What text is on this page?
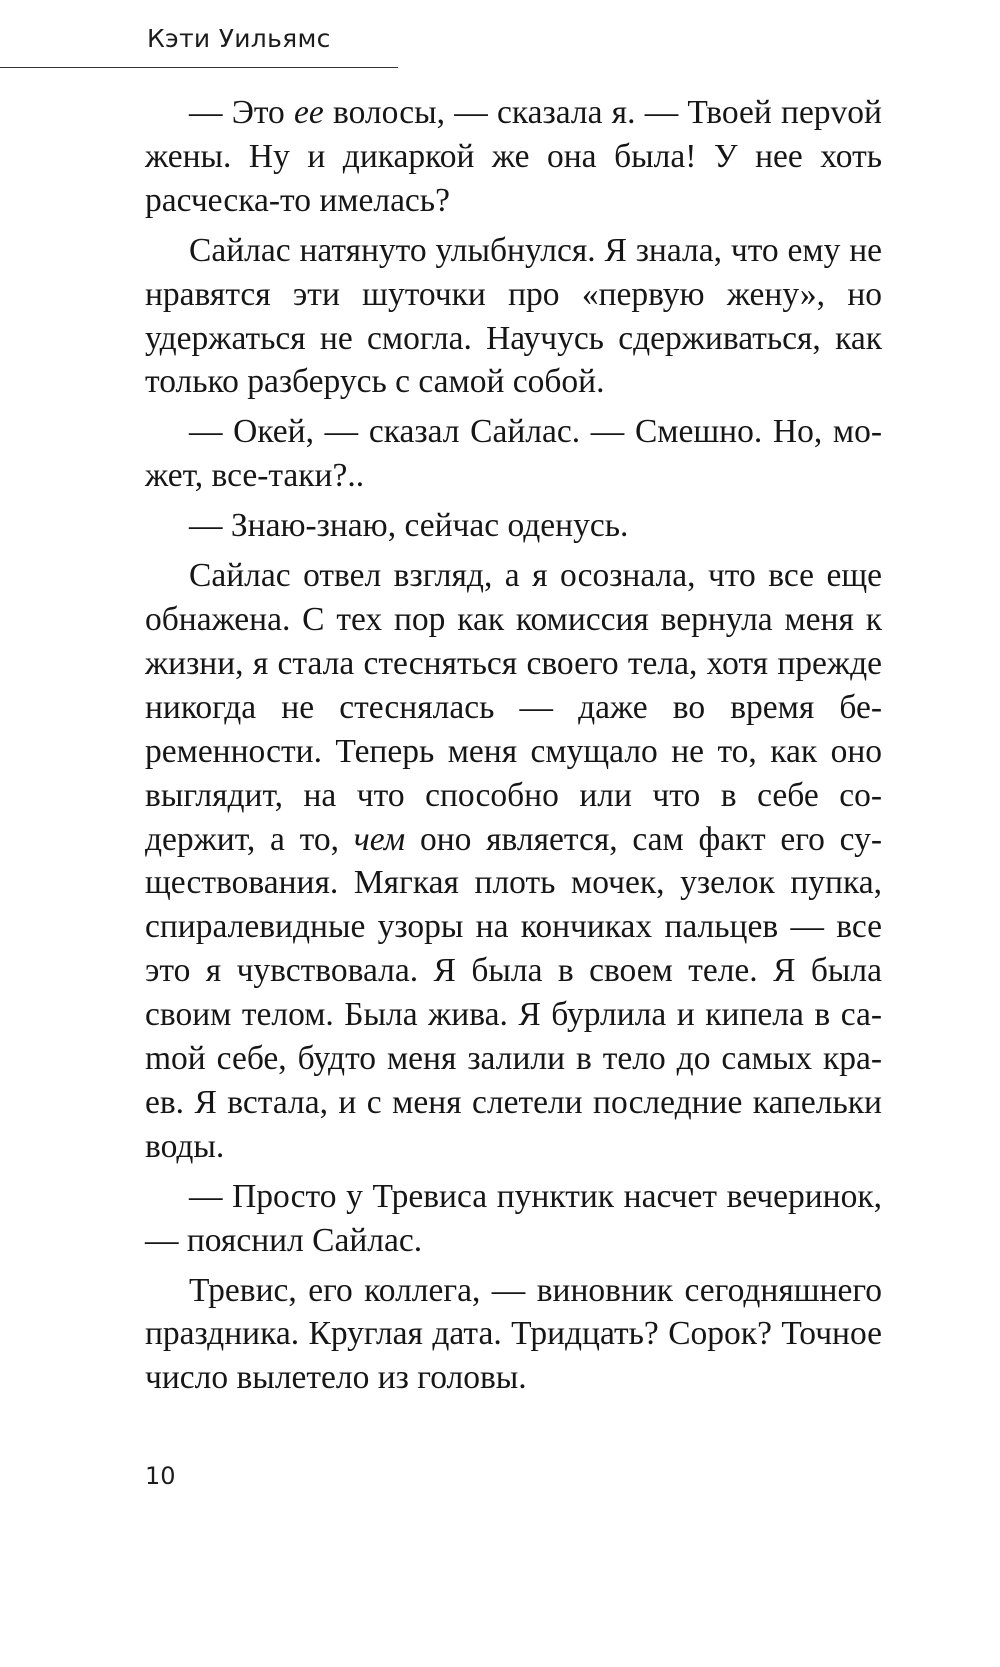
Кэти Уильямс

— Это ее волосы, — сказала я. — Твоей перvой жены. Ну и дикаркой же она была! У нее хоть расческа-то имелась?

Сайлас натянуто улыбнулся. Я знала, что ему не нравятся эти шуточки про «первую жену», но удержаться не смогла. Научусь сдерживаться, как только разберусь с самой собой.

— Окей, — сказал Сайлас. — Смешно. Но, может, все-таки?..

— Знаю-знаю, сейчас оденусь.

Сайлас отвел взгляд, а я осознала, что все еще обнажена. С тех пор как комиссия вернула меня к жизни, я стала стесняться своего тела, хотя прежде никогда не стеснялась — даже во время беременности. Теперь меня смущало не то, как оно выглядит, на что способно или что в себе содержит, а то, чем оно является, сам факт его существования. Мягкая плоть мочек, узелок пупка, спиралевидные узоры на кончиках пальцев — все это я чувствовала. Я была в своем теле. Я была своим телом. Была жива. Я бурлила и кипела в саmой себе, будто меня залили в тело до самых краев. Я встала, и с меня слетели последние капельки воды.

— Просто у Тревиса пунктик насчет вечеринок, — пояснил Сайлас.

Тревис, его коллега, — виновник сегодняшнего праздника. Круглая дата. Тридцать? Сорок? Точное число вылетело из головы.

10
